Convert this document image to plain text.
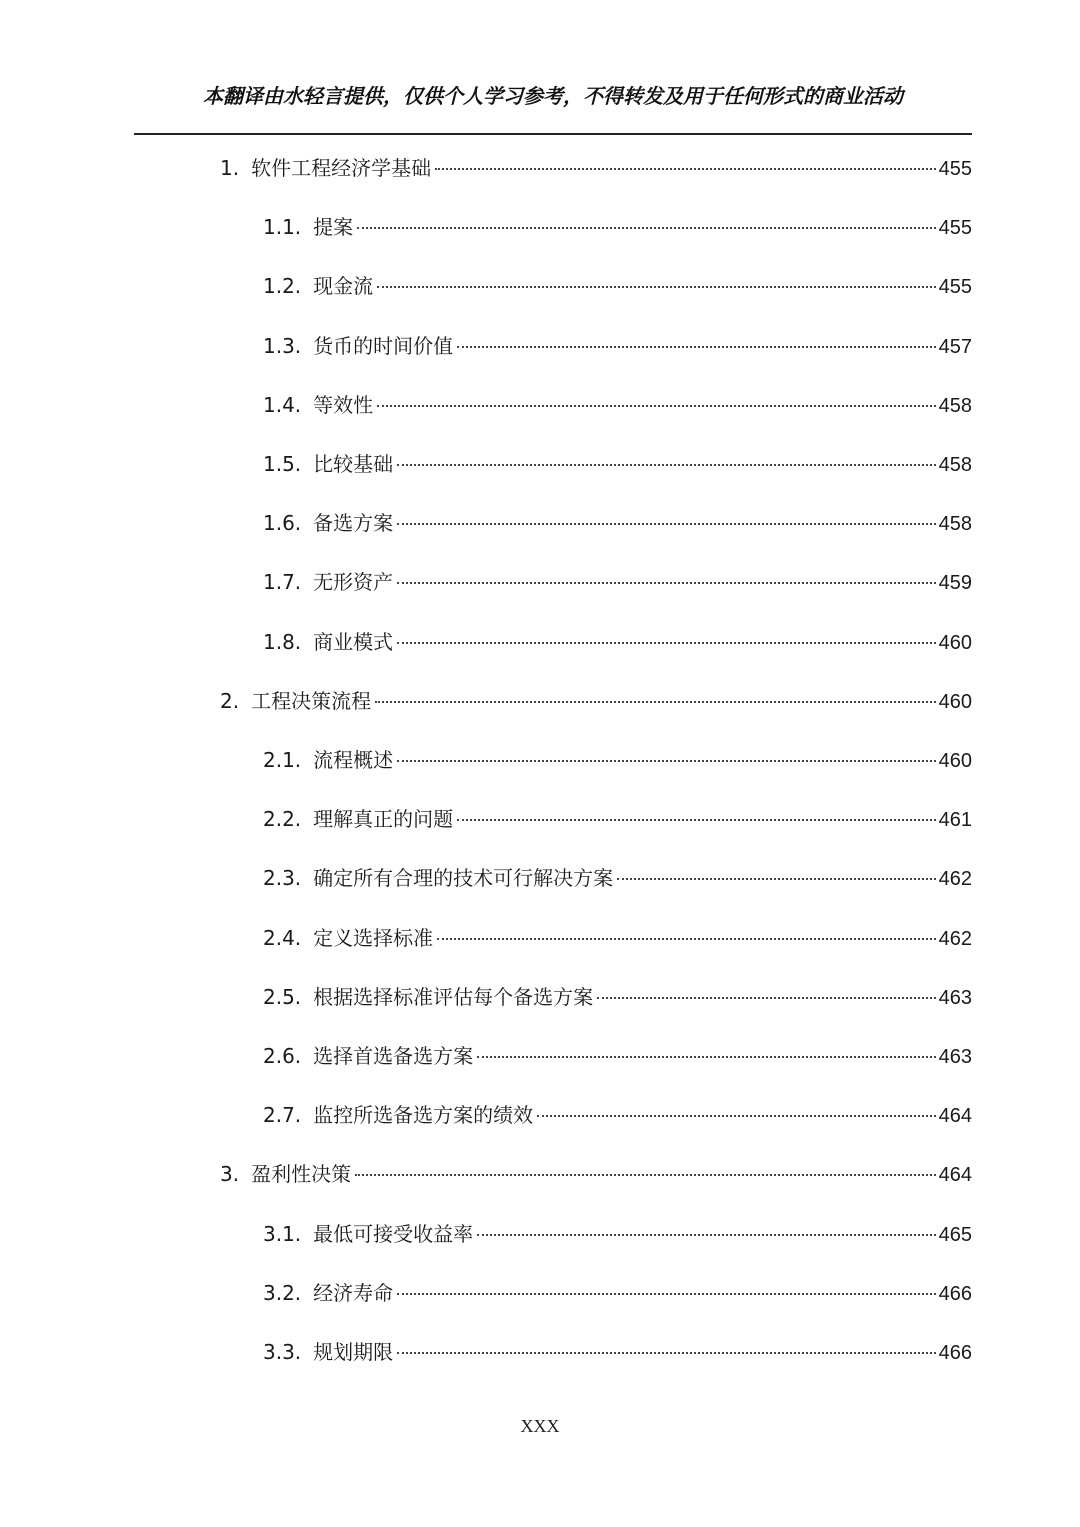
本翻译由水轻言提供，仅供个人学习参考，不得转发及用于任何形式的商业活动
1. 软件工程经济学基础	455
1.1. 提案	455
1.2. 现金流	455
1.3. 货币的时间价值	457
1.4. 等效性	458
1.5. 比较基础	458
1.6. 备选方案	458
1.7. 无形资产	459
1.8. 商业模式	460
2. 工程决策流程	460
2.1. 流程概述	460
2.2. 理解真正的问题	461
2.3. 确定所有合理的技术可行解决方案	462
2.4. 定义选择标准	462
2.5. 根据选择标准评估每个备选方案	463
2.6. 选择首选备选方案	463
2.7. 监控所选备选方案的绩效	464
3. 盈利性决策	464
3.1. 最低可接受收益率	465
3.2. 经济寿命	466
3.3. 规划期限	466
XXX
